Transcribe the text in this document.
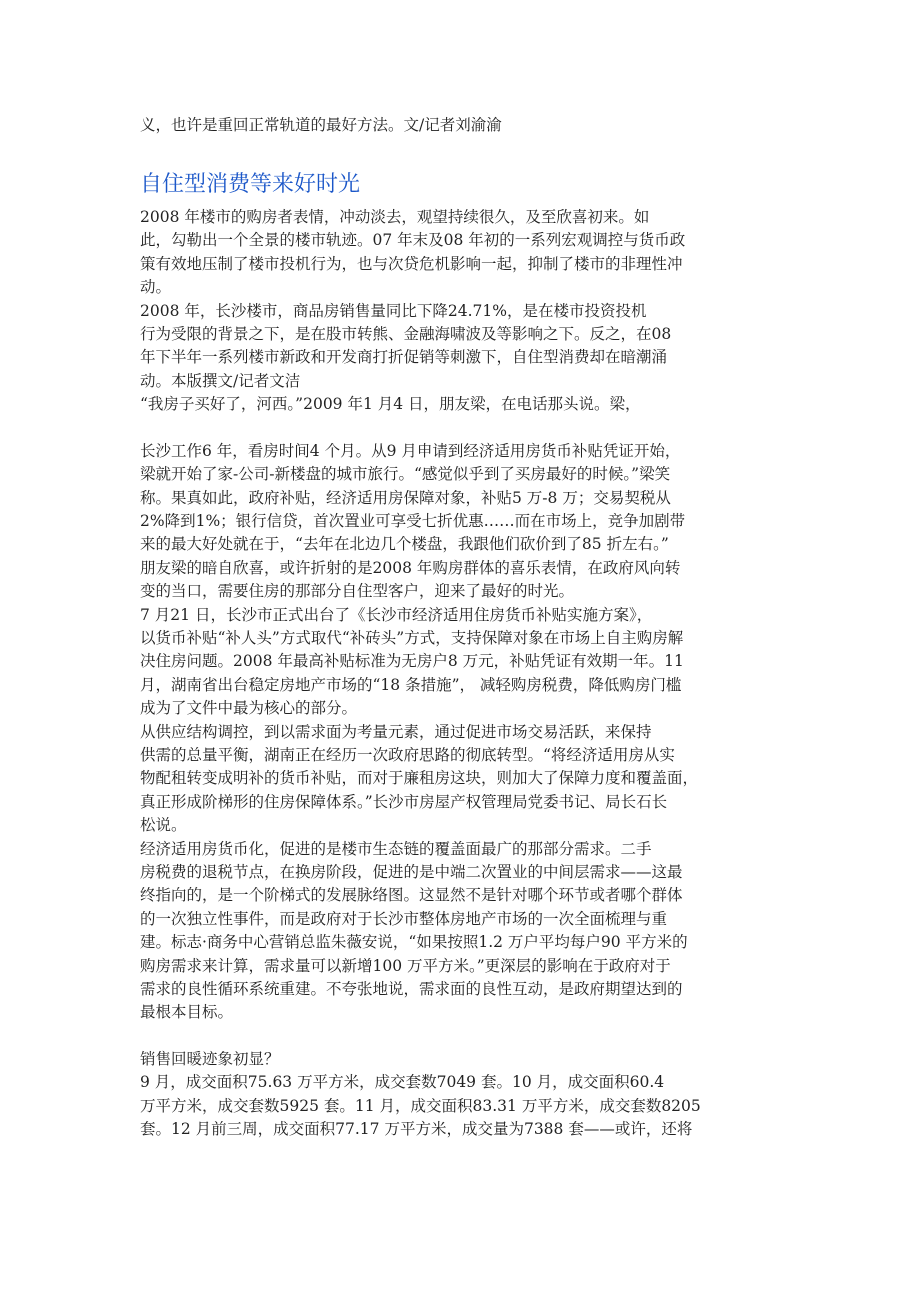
义，也许是重回正常轨道的最好方法。文/记者刘渝渝
自住型消费等来好时光
2008 年楼市的购房者表情，冲动淡去，观望持续很久，及至欣喜初来。如
此，勾勒出一个全景的楼市轨迹。07 年末及08 年初的一系列宏观调控与货币政
策有效地压制了楼市投机行为，也与次贷危机影响一起，抑制了楼市的非理性冲
动。
2008 年，长沙楼市，商品房销售量同比下降24.71%，是在楼市投资投机
行为受限的背景之下，是在股市转熊、金融海啸波及等影响之下。反之，在08
年下半年一系列楼市新政和开发商打折促销等刺激下，自住型消费却在暗潮涌
动。本版撰文/记者文洁
“我房子买好了，河西。”2009 年1 月4 日，朋友梁，在电话那头说。梁，
长沙工作6 年，看房时间4 个月。从9 月申请到经济适用房货币补贴凭证开始，
梁就开始了家-公司-新楼盘的城市旅行。“感觉似乎到了买房最好的时候。”梁笑
称。果真如此，政府补贴，经济适用房保障对象，补贴5 万-8 万；交易契税从
2%降到1%；银行信贷，首次置业可享受七折优惠……而在市场上，竞争加剧带
来的最大好处就在于，“去年在北边几个楼盘，我跟他们砍价到了85 折左右。”
朋友梁的暗自欣喜，或许折射的是2008 年购房群体的喜乐表情，在政府风向转
变的当口，需要住房的那部分自住型客户，迎来了最好的时光。
7 月21 日，长沙市正式出台了《长沙市经济适用住房货币补贴实施方案》，
以货币补贴“补人头”方式取代“补砖头”方式，支持保障对象在市场上自主购房解
决住房问题。2008 年最高补贴标准为无房户8 万元，补贴凭证有效期一年。11
月，湖南省出台稳定房地产市场的“18 条措施”， 减轻购房税费，降低购房门槛
成为了文件中最为核心的部分。
从供应结构调控，到以需求面为考量元素，通过促进市场交易活跃，来保持
供需的总量平衡，湖南正在经历一次政府思路的彻底转型。“将经济适用房从实
物配租转变成明补的货币补贴，而对于廉租房这块，则加大了保障力度和覆盖面，
真正形成阶梯形的住房保障体系。”长沙市房屋产权管理局党委书记、局长石长
松说。
经济适用房货币化，促进的是楼市生态链的覆盖面最广的那部分需求。二手
房税费的退税节点，在换房阶段，促进的是中端二次置业的中间层需求——这最
终指向的，是一个阶梯式的发展脉络图。这显然不是针对哪个环节或者哪个群体
的一次独立性事件，而是政府对于长沙市整体房地产市场的一次全面梳理与重
建。标志·商务中心营销总监朱薇安说，“如果按照1.2 万户平均每户90 平方米的
购房需求来计算，需求量可以新增100 万平方米。”更深层的影响在于政府对于
需求的良性循环系统重建。不夸张地说，需求面的良性互动，是政府期望达到的
最根本目标。
销售回暖迹象初显？
9 月，成交面积75.63 万平方米，成交套数7049 套。10 月，成交面积60.4
万平方米，成交套数5925 套。11 月，成交面积83.31 万平方米，成交套数8205
套。12 月前三周，成交面积77.17 万平方米，成交量为7388 套——或许，还将
